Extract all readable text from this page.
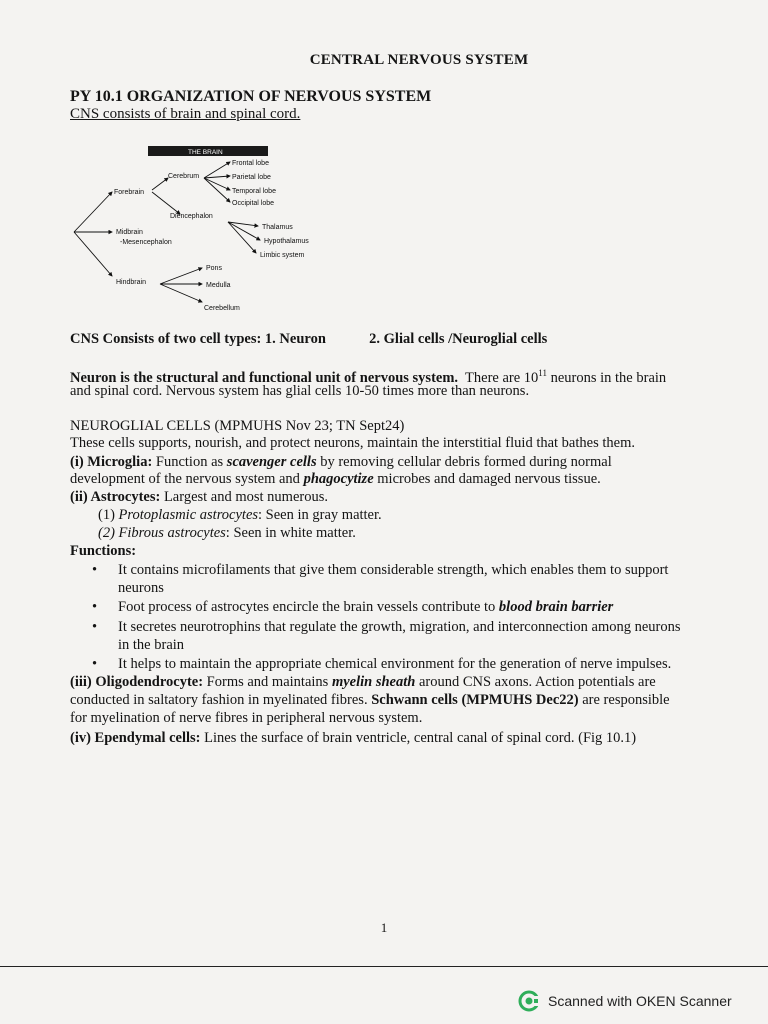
CENTRAL NERVOUS SYSTEM
PY 10.1 ORGANIZATION OF NERVOUS SYSTEM
CNS consists of brain and spinal cord.
THE BRAIN
Forebrain
Cerebrum
Frontal lobe
Parietal lobe
Temporal lobe
Occipital lobe
Diencephalon
Thalamus
Hypothalamus
Limbic system
Midbrain
-Mesencephalon
Hindbrain
Pons
Medulla
Cerebellum
CNS Consists of two cell types: 1. Neuron	2. Glial cells /Neuroglial cells
Neuron is the structural and functional unit of nervous system. There are $10^{11}$ neurons in the brain
and spinal cord. Nervous system has glial cells 10-50 times more than neurons.
NEUROGLIAL CELLS (MPMUHS Nov 23; TN Sept24)
These cells supports, nourish, and protect neurons, maintain the interstitial fluid that bathes them.
(i) Microglia: Function as scavenger cells by removing cellular debris formed during normal
development of the nervous system and phagocytize microbes and damaged nervous tissue.
(ii) Astrocytes: Largest and most numerous.
(1) Protoplasmic astrocytes: Seen in gray matter.
(2) Fibrous astrocytes: Seen in white matter.
Functions:
• It contains microfilaments that give them considerable strength, which enables them to support
neurons
• Foot process of astrocytes encircle the brain vessels contribute to blood brain barrier
• It secretes neurotrophins that regulate the growth, migration, and interconnection among neurons
in the brain
• It helps to maintain the appropriate chemical environment for the generation of nerve impulses.
(iii) Oligodendrocyte: Forms and maintains myelin sheath around CNS axons. Action potentials are
conducted in saltatory fashion in myelinated fibres. Schwann cells (MPMUHS Dec22) are responsible
for myelination of nerve fibres in peripheral nervous system.
(iv) Ependymal cells: Lines the surface of brain ventricle, central canal of spinal cord. (Fig 10.1)
1
Scanned with OKEN Scanner
